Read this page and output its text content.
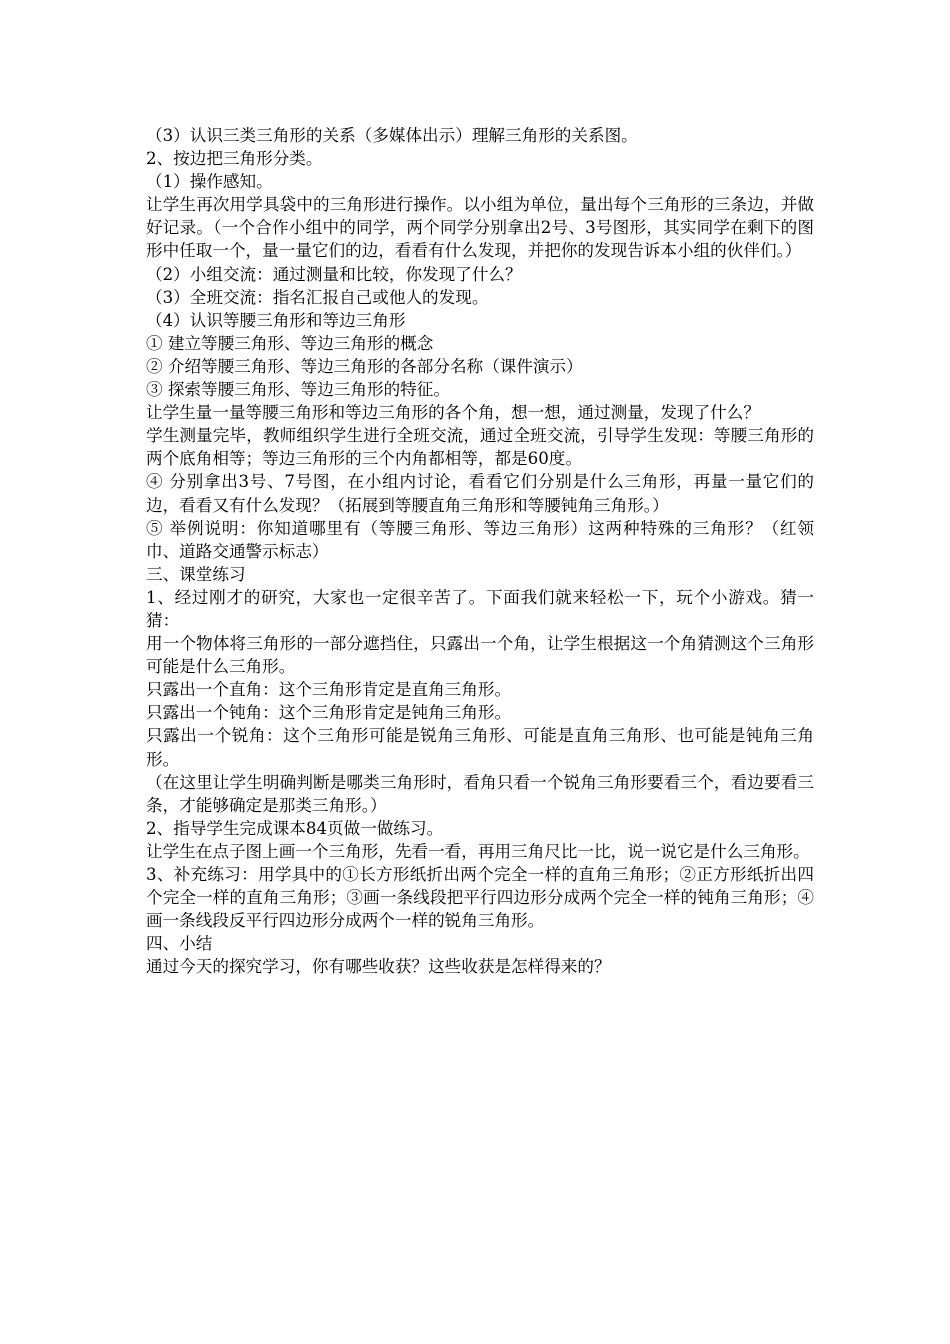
（3）认识三类三角形的关系（多媒体出示）理解三角形的关系图。

2、按边把三角形分类。

（1）操作感知。

让学生再次用学具袋中的三角形进行操作。以小组为单位，量出每个三角形的三条边，并做好记录。（一个合作小组中的同学，两个同学分别拿出2号、3号图形，其实同学在剩下的图形中任取一个，量一量它们的边，看看有什么发现，并把你的发现告诉本小组的伙伴们。）

（2）小组交流：通过测量和比较，你发现了什么？

（3）全班交流：指名汇报自己或他人的发现。

（4）认识等腰三角形和等边三角形

① 建立等腰三角形、等边三角形的概念

② 介绍等腰三角形、等边三角形的各部分名称（课件演示）

③ 探索等腰三角形、等边三角形的特征。

让学生量一量等腰三角形和等边三角形的各个角，想一想，通过测量，发现了什么？

学生测量完毕，教师组织学生进行全班交流，通过全班交流，引导学生发现：等腰三角形的两个底角相等；等边三角形的三个内角都相等，都是60度。

④ 分别拿出3号、7号图，在小组内讨论，看看它们分别是什么三角形，再量一量它们的边，看看又有什么发现？（拓展到等腰直角三角形和等腰钝角三角形。）

⑤ 举例说明：你知道哪里有（等腰三角形、等边三角形）这两种特殊的三角形？（红领巾、道路交通警示标志）

三、课堂练习

1、经过刚才的研究，大家也一定很辛苦了。下面我们就来轻松一下，玩个小游戏。猜一猜：

用一个物体将三角形的一部分遮挡住，只露出一个角，让学生根据这一个角猜测这个三角形可能是什么三角形。

只露出一个直角：这个三角形肯定是直角三角形。

只露出一个钝角：这个三角形肯定是钝角三角形。

只露出一个锐角：这个三角形可能是锐角三角形、可能是直角三角形、也可能是钝角三角形。

（在这里让学生明确判断是哪类三角形时，看角只看一个锐角三角形要看三个，看边要看三条，才能够确定是那类三角形。）

2、指导学生完成课本84页做一做练习。

让学生在点子图上画一个三角形，先看一看，再用三角尺比一比，说一说它是什么三角形。

3、补充练习：用学具中的①长方形纸折出两个完全一样的直角三角形；②正方形纸折出四个完全一样的直角三角形；③画一条线段把平行四边形分成两个完全一样的钝角三角形；④画一条线段反平行四边形分成两个一样的锐角三角形。

四、小结

通过今天的探究学习，你有哪些收获？这些收获是怎样得来的？
